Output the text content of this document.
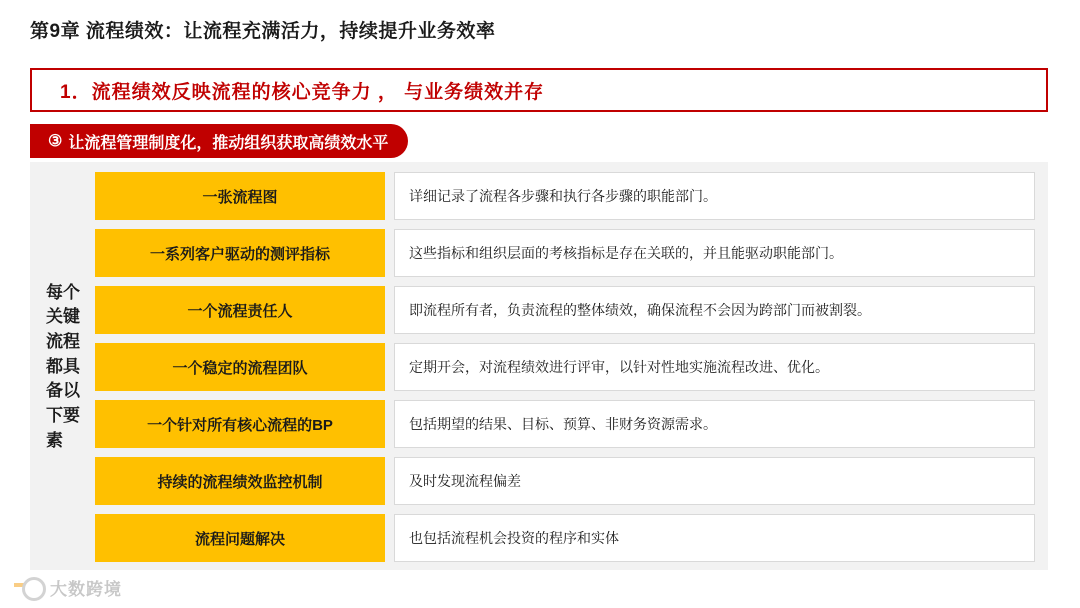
第9章 流程绩效：让流程充满活力，持续提升业务效率
1．流程绩效反映流程的核心竞争力 ， 与业务绩效并存
③ 让流程管理制度化，推动组织获取高绩效水平
每个关键流程都具备以下要素
一张流程图	详细记录了流程各步骤和执行各步骤的职能部门。
一系列客户驱动的测评指标	这些指标和组织层面的考核指标是存在关联的，并且能驱动职能部门。
一个流程责任人	即流程所有者，负责流程的整体绩效，确保流程不会因为跨部门而被割裂。
一个稳定的流程团队	定期开会，对流程绩效进行评审，以针对性地实施流程改进、优化。
一个针对所有核心流程的BP	包括期望的结果、目标、预算、非财务资源需求。
持续的流程绩效监控机制	及时发现流程偏差
流程问题解决	也包括流程机会投资的程序和实体
大数跨境
